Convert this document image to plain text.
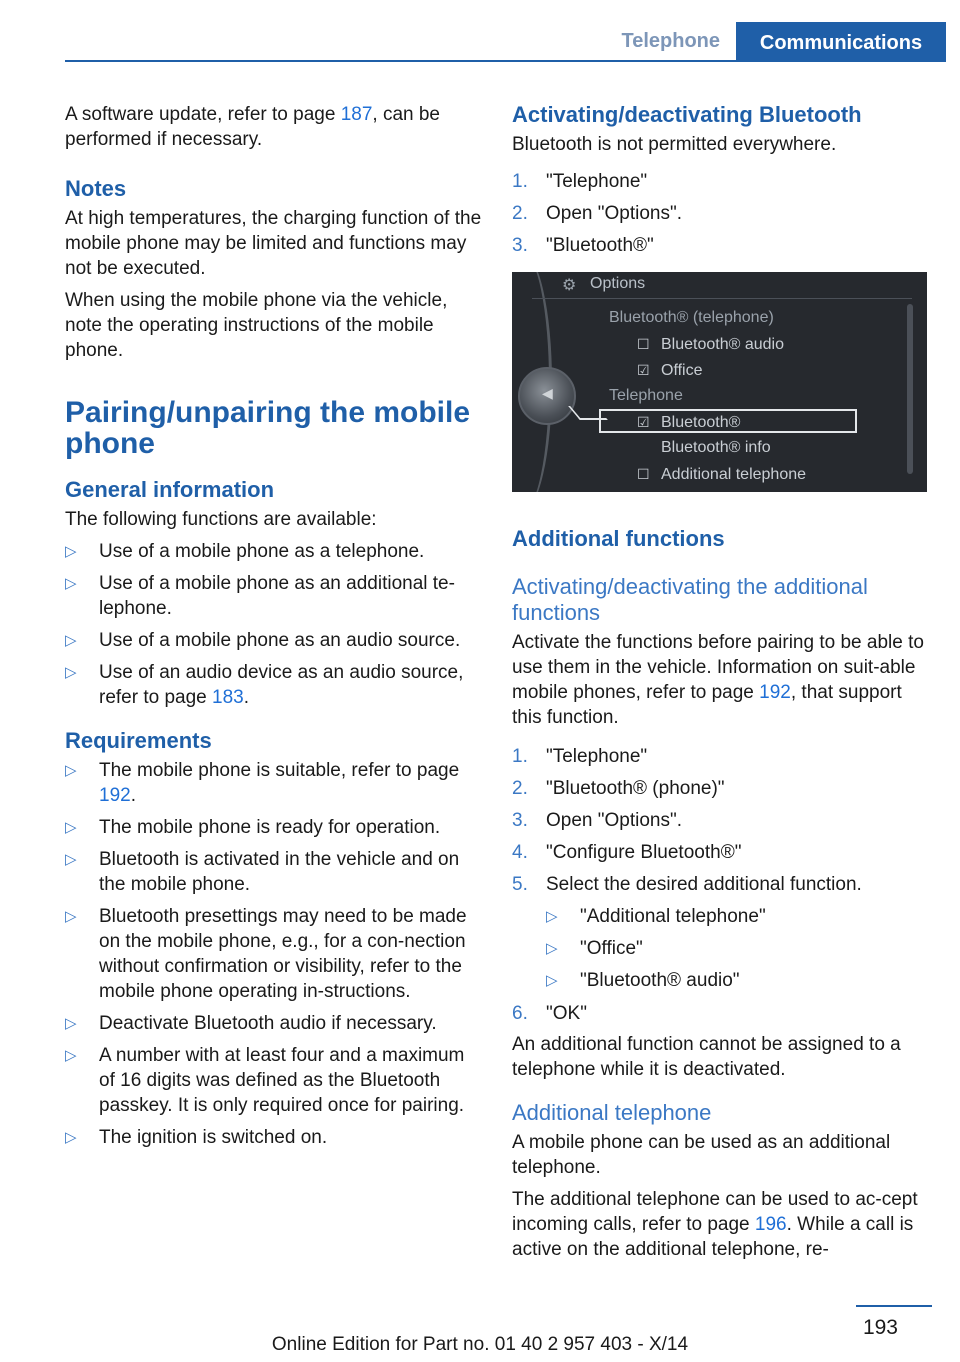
Telephone	Communications

A software update, refer to page 187, can be performed if necessary.

Notes

At high temperatures, the charging function of the mobile phone may be limited and functions may not be executed.

When using the mobile phone via the vehicle, note the operating instructions of the mobile phone.

Pairing/unpairing the mobile phone
General information

The following functions are available:

▷ Use of a mobile phone as a telephone.
▷ Use of a mobile phone as an additional te‐lephone.
▷ Use of a mobile phone as an audio source.
▷ Use of an audio device as an audio source, refer to page 183.
Requirements
▷ The mobile phone is suitable, refer to page 192.
▷ The mobile phone is ready for operation.
▷ Bluetooth is activated in the vehicle and on the mobile phone.
▷ Bluetooth presettings may need to be made on the mobile phone, e.g., for a con‐nection without confirmation or visibility, refer to the mobile phone operating in‐structions.
▷ Deactivate Bluetooth audio if necessary.
▷ A number with at least four and a maximum of 16 digits was defined as the Bluetooth passkey. It is only required once for pairing.
▷ The ignition is switched on.
Activating/deactivating Bluetooth

Bluetooth is not permitted everywhere.

1. "Telephone"
2. Open "Options".
3. "Bluetooth®"
⚙ Options
Bluetooth® (telephone)
☐ Bluetooth® audio
☑ Office
Telephone
☑ Bluetooth®
Bluetooth® info
☐ Additional telephone
◀
Additional functions
Activating/deactivating the additional functions

Activate the functions before pairing to be able to use them in the vehicle. Information on suit‐able mobile phones, refer to page 192, that support this function.

1. "Telephone"
2. "Bluetooth® (phone)"
3. Open "Options".
4. "Configure Bluetooth®"
5. Select the desired additional function.
▷ "Additional telephone"
▷ "Office"
▷ "Bluetooth® audio"
6. "OK"

An additional function cannot be assigned to a telephone while it is deactivated.

Additional telephone

A mobile phone can be used as an additional telephone.

The additional telephone can be used to ac‐cept incoming calls, refer to page 196. While a call is active on the additional telephone, re‐

193
Online Edition for Part no. 01 40 2 957 403 - X/14
